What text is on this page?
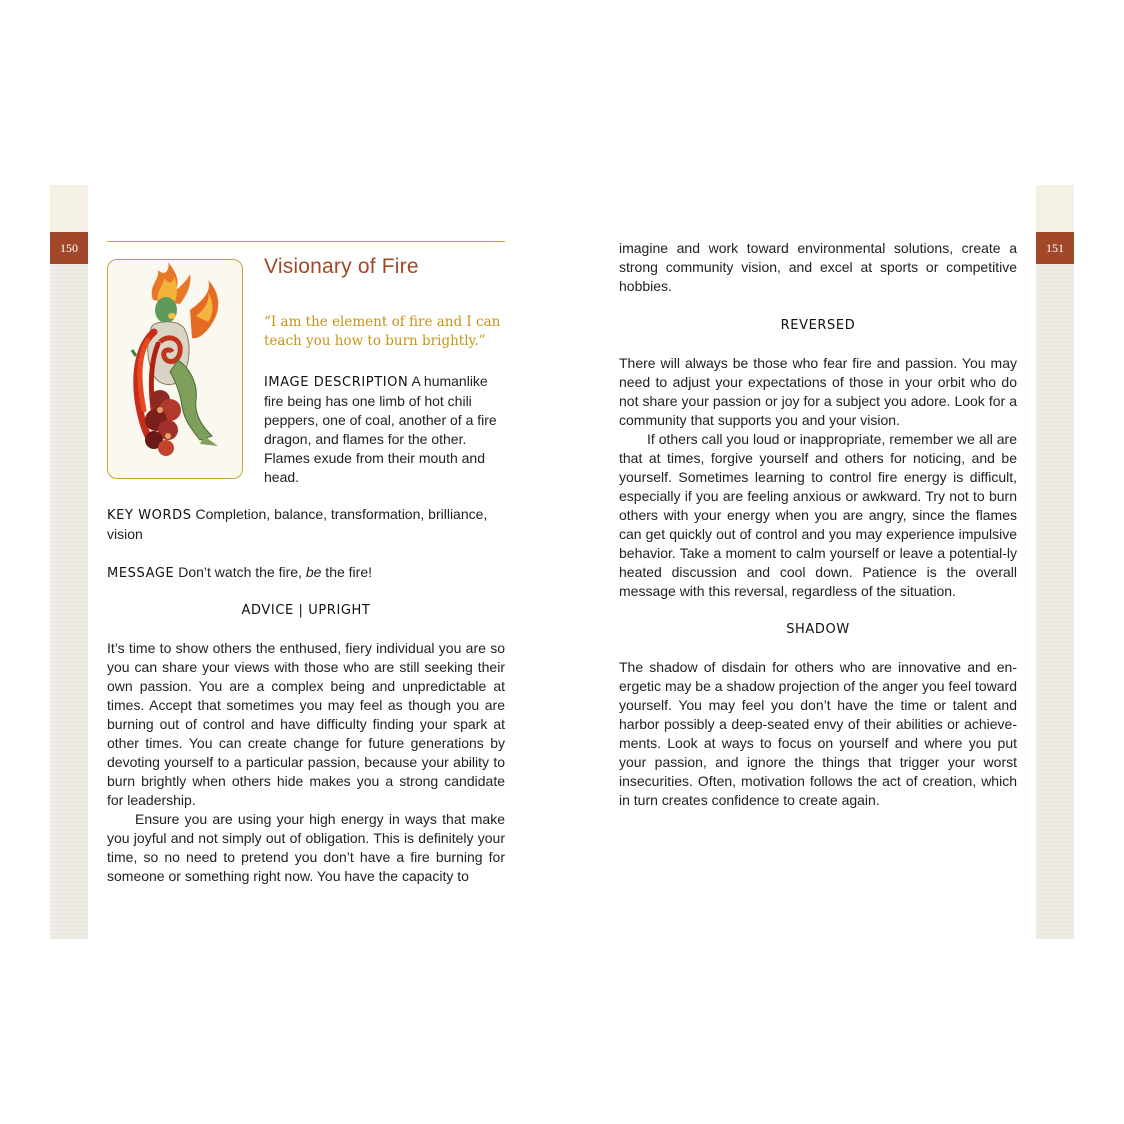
150	151
Visionary of Fire
“I am the element of fire and I can teach you how to burn brightly.”
IMAGE DESCRIPTION A humanlike fire being has one limb of hot chili peppers, one of coal, another of a fire dragon, and flames for the other. Flames exude from their mouth and head.
KEY WORDS Completion, balance, transformation, brilliance, vision
MESSAGE Don’t watch the fire, be the fire!
ADVICE | UPRIGHT

It’s time to show others the enthused, fiery individual you are so you can share your views with those who are still seeking their own passion. You are a complex being and unpredictable at times. Accept that sometimes you may feel as though you are burning out of control and have difficulty finding your spark at other times. You can create change for future generations by devoting yourself to a particular passion, because your ability to burn brightly when others hide makes you a strong candidate for leadership.

Ensure you are using your high energy in ways that make you joyful and not simply out of obligation. This is definitely your time, so no need to pretend you don’t have a fire burning for someone or something right now. You have the capacity to

imagine and work toward environmental solutions, create a strong community vision, and excel at sports or competitive hobbies.
REVERSED

There will always be those who fear fire and passion. You may need to adjust your expectations of those in your orbit who do not share your passion or joy for a subject you adore. Look for a community that supports you and your vision.

If others call you loud or inappropriate, remember we all are that at times, forgive yourself and others for noticing, and be yourself. Sometimes learning to control fire energy is difficult, especially if you are feeling anxious or awkward. Try not to burn others with your energy when you are angry, since the flames can get quickly out of control and you may experience impulsive behavior. Take a moment to calm yourself or leave a potential-ly heated discussion and cool down. Patience is the overall message with this reversal, regardless of the situation.

SHADOW

The shadow of disdain for others who are innovative and en-ergetic may be a shadow projection of the anger you feel toward yourself. You may feel you don’t have the time or talent and harbor possibly a deep-seated envy of their abilities or achieve-ments. Look at ways to focus on yourself and where you put your passion, and ignore the things that trigger your worst insecurities. Often, motivation follows the act of creation, which in turn creates confidence to create again.
